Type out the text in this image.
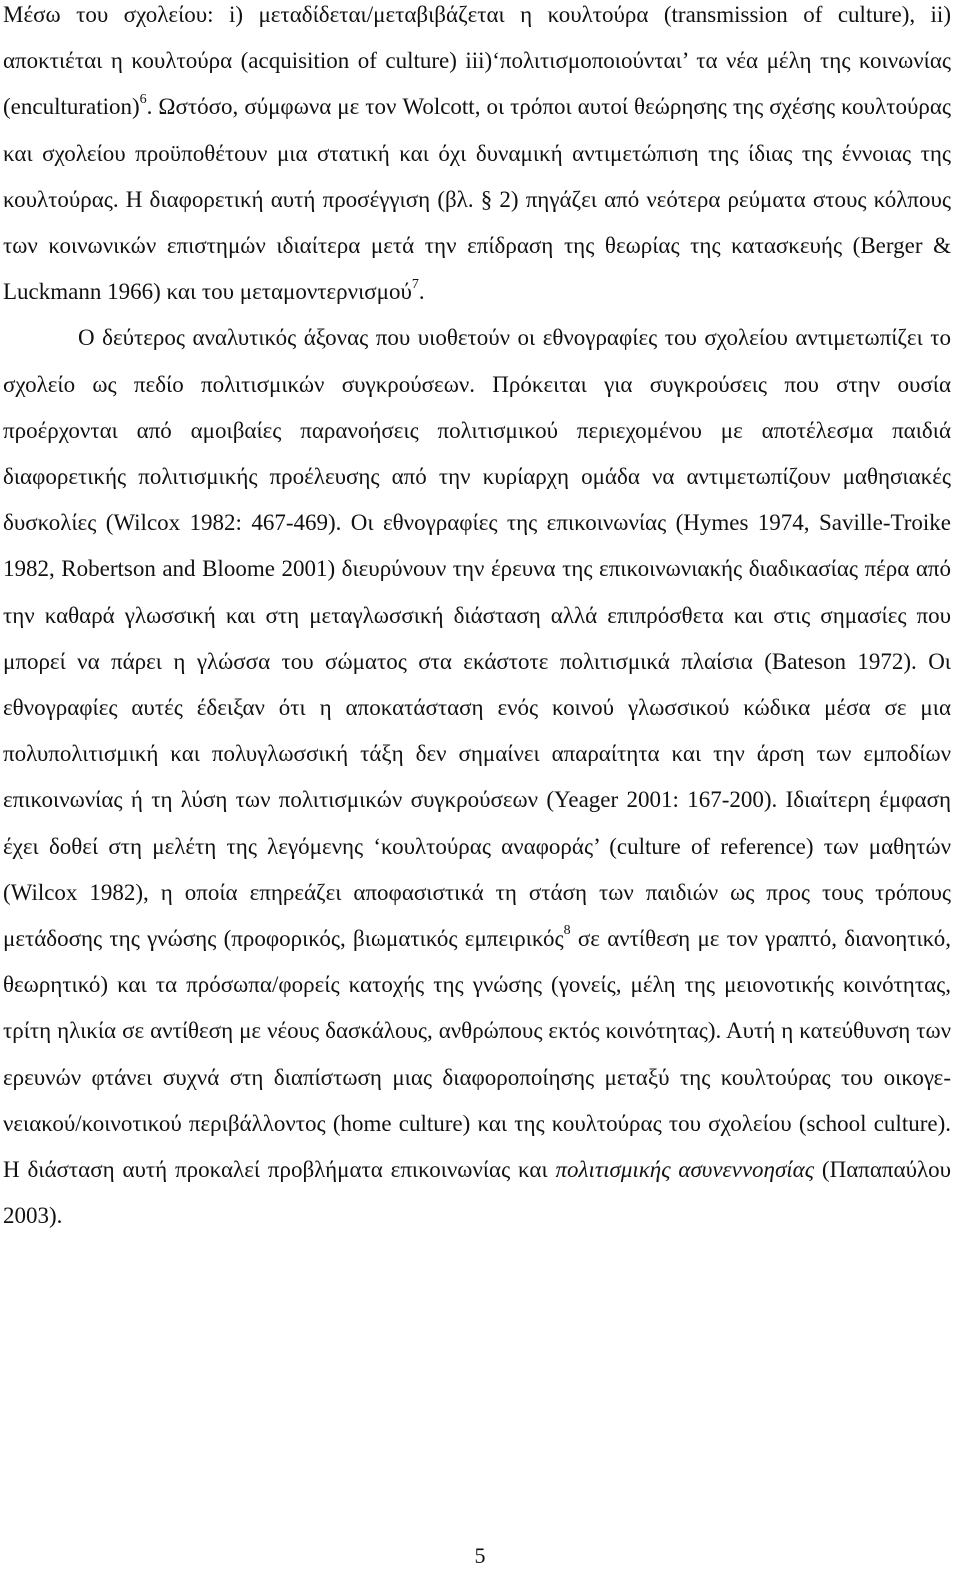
Μέσω του σχολείου: i) μεταδίδεται/μεταβιβάζεται η κουλτούρα (transmission of culture), ii) αποκτιέται η κουλτούρα (acquisition of culture) iii)‘πολιτισμοποιούνται’ τα νέα μέλη της κοινωνίας (enculturation)$^6$. Ωστόσο, σύμφωνα με τον Wolcott, οι τρόποι αυτοί θεώρησης της σχέσης κουλτούρας και σχολείου προϋποθέτουν μια στατική και όχι δυναμική αντιμετώπιση της ίδιας της έννοιας της κουλτούρας. Η διαφορετική αυτή προσέγγιση (βλ. § 2) πηγάζει από νεότερα ρεύματα στους κόλπους των κοινωνικών επιστημών ιδιαίτερα μετά την επίδραση της θεωρίας της κατασκευής (Berger & Luckmann 1966) και του μεταμοντερνισμού$^7$.

Ο δεύτερος αναλυτικός άξονας που υιοθετούν οι εθνογραφίες του σχολείου αντιμετωπίζει το σχολείο ως πεδίο πολιτισμικών συγκρούσεων. Πρόκειται για συγκρούσεις που στην ουσία προέρχονται από αμοιβαίες παρανοήσεις πολιτισμικού περιεχομένου με αποτέλεσμα παιδιά διαφορετικής πολιτισμικής προέλευσης από την κυρίαρχη ομάδα να αντιμετωπίζουν μαθησιακές δυσκολίες (Wilcox 1982: 467-469). Οι εθνογραφίες της επικοινωνίας (Hymes 1974, Saville-Troike 1982, Robertson and Bloome 2001) διευρύνουν την έρευνα της επικοινωνιακής διαδικασίας πέρα από την καθαρά γλωσσική και στη μεταγλωσσική διάσταση αλλά επιπρόσθετα και στις σημασίες που μπορεί να πάρει η γλώσσα του σώματος στα εκάστοτε πολιτισμικά πλαίσια (Bateson 1972). Οι εθνογραφίες αυτές έδειξαν ότι η αποκατάσταση ενός κοινού γλωσσικού κώδικα μέσα σε μια πολυπολιτισμική και πολυγλωσσική τάξη δεν σημαίνει απαραίτητα και την άρση των εμποδίων επικοινωνίας ή τη λύση των πολιτισμικών συγκρούσεων (Yeager 2001: 167-200). Ιδιαίτερη έμφαση έχει δοθεί στη μελέτη της λεγόμενης ‘κουλτούρας αναφοράς’ (culture of reference) των μαθητών (Wilcox 1982), η οποία επηρεάζει αποφασιστικά τη στάση των παιδιών ως προς τους τρόπους μετάδοσης της γνώσης (προφορικός, βιωματικός εμπειρικός$^8$ σε αντίθεση με τον γραπτό, διανοητικό, θεωρητικό) και τα πρόσωπα/φορείς κατοχής της γνώσης (γονείς, μέλη της μειονοτικής κοινότητας, τρίτη ηλικία σε αντίθεση με νέους δασκάλους, ανθρώπους εκτός κοινότητας). Αυτή η κατεύθυνση των ερευνών φτάνει συχνά στη διαπίστωση μιας διαφοροποίησης μεταξύ της κουλτούρας του οικογε-νειακού/κοινοτικού περιβάλλοντος (home culture) και της κουλτούρας του σχολείου (school culture). Η διάσταση αυτή προκαλεί προβλήματα επικοινωνίας και πολιτισμικής ασυνεννοησίας (Παπαπαύλου 2003).

5
